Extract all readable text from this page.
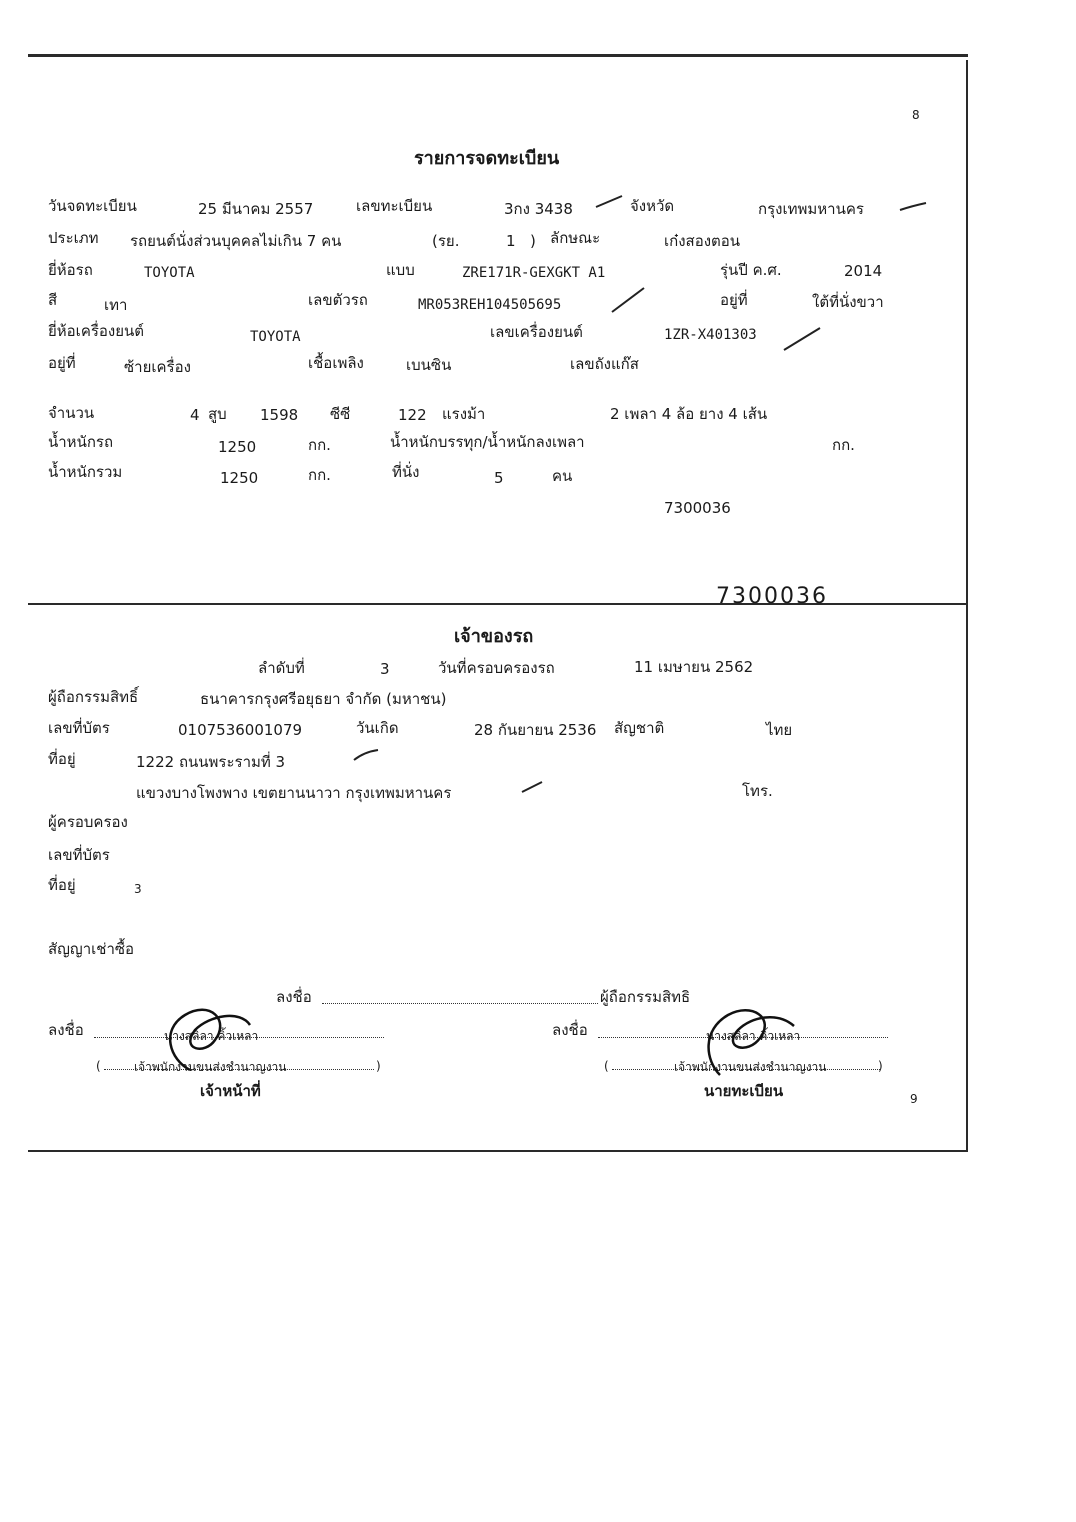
8
รายการจดทะเบียน
วันจดทะเบียน	25 มีนาคม 2557	เลขทะเบียน	3กง 3438	จังหวัด	กรุงเทพมหานคร
ประเภท รถยนต์นั่งส่วนบุคคลไม่เกิน 7 คน	(รย.	1 ) ลักษณะ	เก๋งสองตอน
ยี่ห้อรถ	TOYOTA	แบบ	ZRE171R-GEXGKT A1	รุ่นปี ค.ศ.	2014
สี	เทา	เลขตัวรถ	MR053REH104505695	อยู่ที่	ใต้ที่นั่งขวา
ยี่ห้อเครื่องยนต์	TOYOTA	เลขเครื่องยนต์	1ZR-X401303
อยู่ที่	ซ้ายเครื่อง	เชื้อเพลิง	เบนซิน	เลขถังแก๊ส
จำนวน	4 สูบ 1598 ซีซี	122 แรงม้า	2 เพลา 4 ล้อ ยาง 4 เส้น
น้ำหนักรถ	1250	กก.	น้ำหนักบรรทุก/น้ำหนักลงเพลา	กก.
น้ำหนักรวม	1250	กก.	ที่นั่ง	5	คน
7300036
7300036
เจ้าของรถ
ลำดับที่	3	วันที่ครอบครองรถ	11 เมษายน 2562
ผู้ถือกรรมสิทธิ์	ธนาคารกรุงศรีอยุธยา จำกัด (มหาชน)
เลขที่บัตร	0107536001079	วันเกิด	28 กันยายน 2536 สัญชาติ	ไทย
ที่อยู่	1222 ถนนพระรามที่ 3
แขวงบางโพงพาง เขตยานนาวา กรุงเทพมหานคร	โทร.
ผู้ครอบครอง
เลขที่บัตร
ที่อยู่	3
สัญญาเช่าซื้อ
ลงชื่อ	ผู้ถือกรรมสิทธิ
ลงชื่อ	นางสลิลา คิ้วเหลา
(	เจ้าพนักงานขนส่งชำนาญงาน	)
เจ้าหน้าที่
ลงชื่อ	นางสลิลา คิ้วเหลา
(	เจ้าพนักงานขนส่งชำนาญงาน	)
นายทะเบียน	9
